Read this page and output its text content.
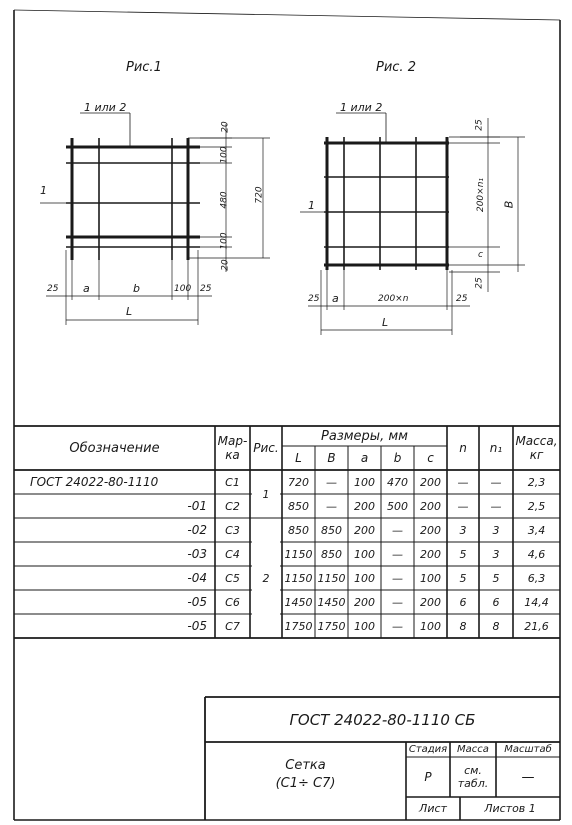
Рис.1	Рис. 2
1 или 2
1
1 или 2
1
20
100
480
100
20
720
25 a	b	100 25
L
25
200×n₁ B
c
25
25 a	200×n	25
L
Обозначение	Мар-
ка	Рис.
Размеры, мм
L	B	a	b	c
n	n₁	Масса,
кг
1
2
ГОСТ 24022-80-1110	С1	720	—	100	470	200	—	—	2,3
-01	С2	850	—	200	500	200	—	—	2,5
-02	С3	850	850	200	—	200	3	3	3,4
-03	С4	1150 850	100	—	200	5	3	4,6
-04	С5	1150 1150 100	—	100	5	5	6,3
-05	С6	1450 1450 200	—	200	6	6	14,4
-05	С7	1750 1750 100	—	100	8	8	21,6
ГОСТ 24022-80-1110 СБ
Сетка
(С1÷ С7)
Стадия Масса	Масштаб
Р	см.
табл.	—
Лист	Листов 1
